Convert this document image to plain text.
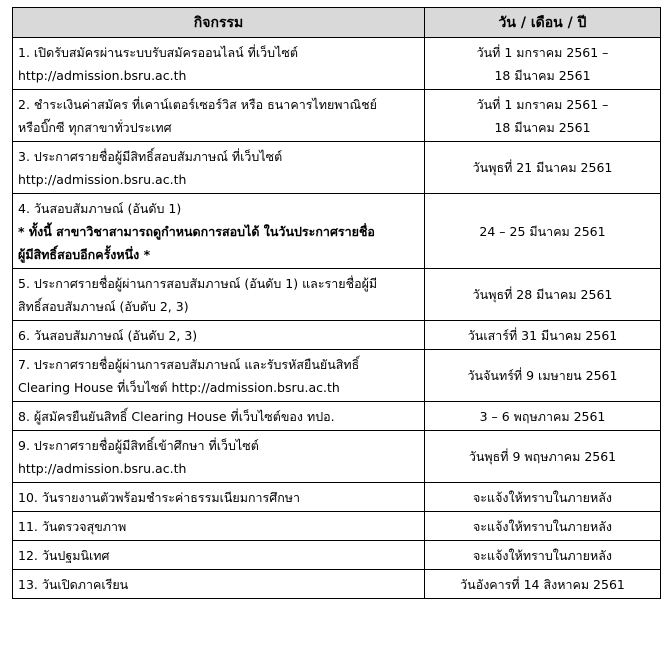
กิจกรรม	วัน / เดือน / ปี

1. เปิดรับสมัครผ่านระบบรับสมัครออนไลน์ ที่เว็บไซต์
http://admission.bsru.ac.th	วันที่ 1 มกราคม 2561 –
18 มีนาคม 2561

2. ชำระเงินค่าสมัคร ที่เคาน์เตอร์เซอร์วิส หรือ ธนาคารไทยพาณิชย์
หรือบิ๊กซี ทุกสาขาทั่วประเทศ	วันที่ 1 มกราคม 2561 –
18 มีนาคม 2561

3. ประกาศรายชื่อผู้มีสิทธิ์สอบสัมภาษณ์ ที่เว็บไซต์
http://admission.bsru.ac.th	วันพุธที่ 21 มีนาคม 2561

4. วันสอบสัมภาษณ์ (อันดับ 1)
* ทั้งนี้ สาขาวิชาสามารถดูกำหนดการสอบได้ ในวันประกาศรายชื่อ
ผู้มีสิทธิ์สอบอีกครั้งหนึ่ง *	24 – 25 มีนาคม 2561

5. ประกาศรายชื่อผู้ผ่านการสอบสัมภาษณ์ (อันดับ 1) และรายชื่อผู้มี
สิทธิ์สอบสัมภาษณ์ (อับดับ 2, 3)	วันพุธที่ 28 มีนาคม 2561

6. วันสอบสัมภาษณ์ (อันดับ 2, 3)	วันเสาร์ที่ 31 มีนาคม 2561

7. ประกาศรายชื่อผู้ผ่านการสอบสัมภาษณ์ และรับรหัสยืนยันสิทธิ์
Clearing House ที่เว็บไซต์ http://admission.bsru.ac.th	วันจันทร์ที่ 9 เมษายน 2561

8. ผู้สมัครยืนยันสิทธิ์ Clearing House ที่เว็บไซต์ของ ทปอ.	3 – 6 พฤษภาคม 2561

9. ประกาศรายชื่อผู้มีสิทธิ์เข้าศึกษา ที่เว็บไซต์
http://admission.bsru.ac.th	วันพุธที่ 9 พฤษภาคม 2561

10. วันรายงานตัวพร้อมชำระค่าธรรมเนียมการศึกษา	จะแจ้งให้ทราบในภายหลัง

11. วันตรวจสุขภาพ	จะแจ้งให้ทราบในภายหลัง

12. วันปฐมนิเทศ	จะแจ้งให้ทราบในภายหลัง

13. วันเปิดภาคเรียน	วันอังคารที่ 14 สิงหาคม 2561
